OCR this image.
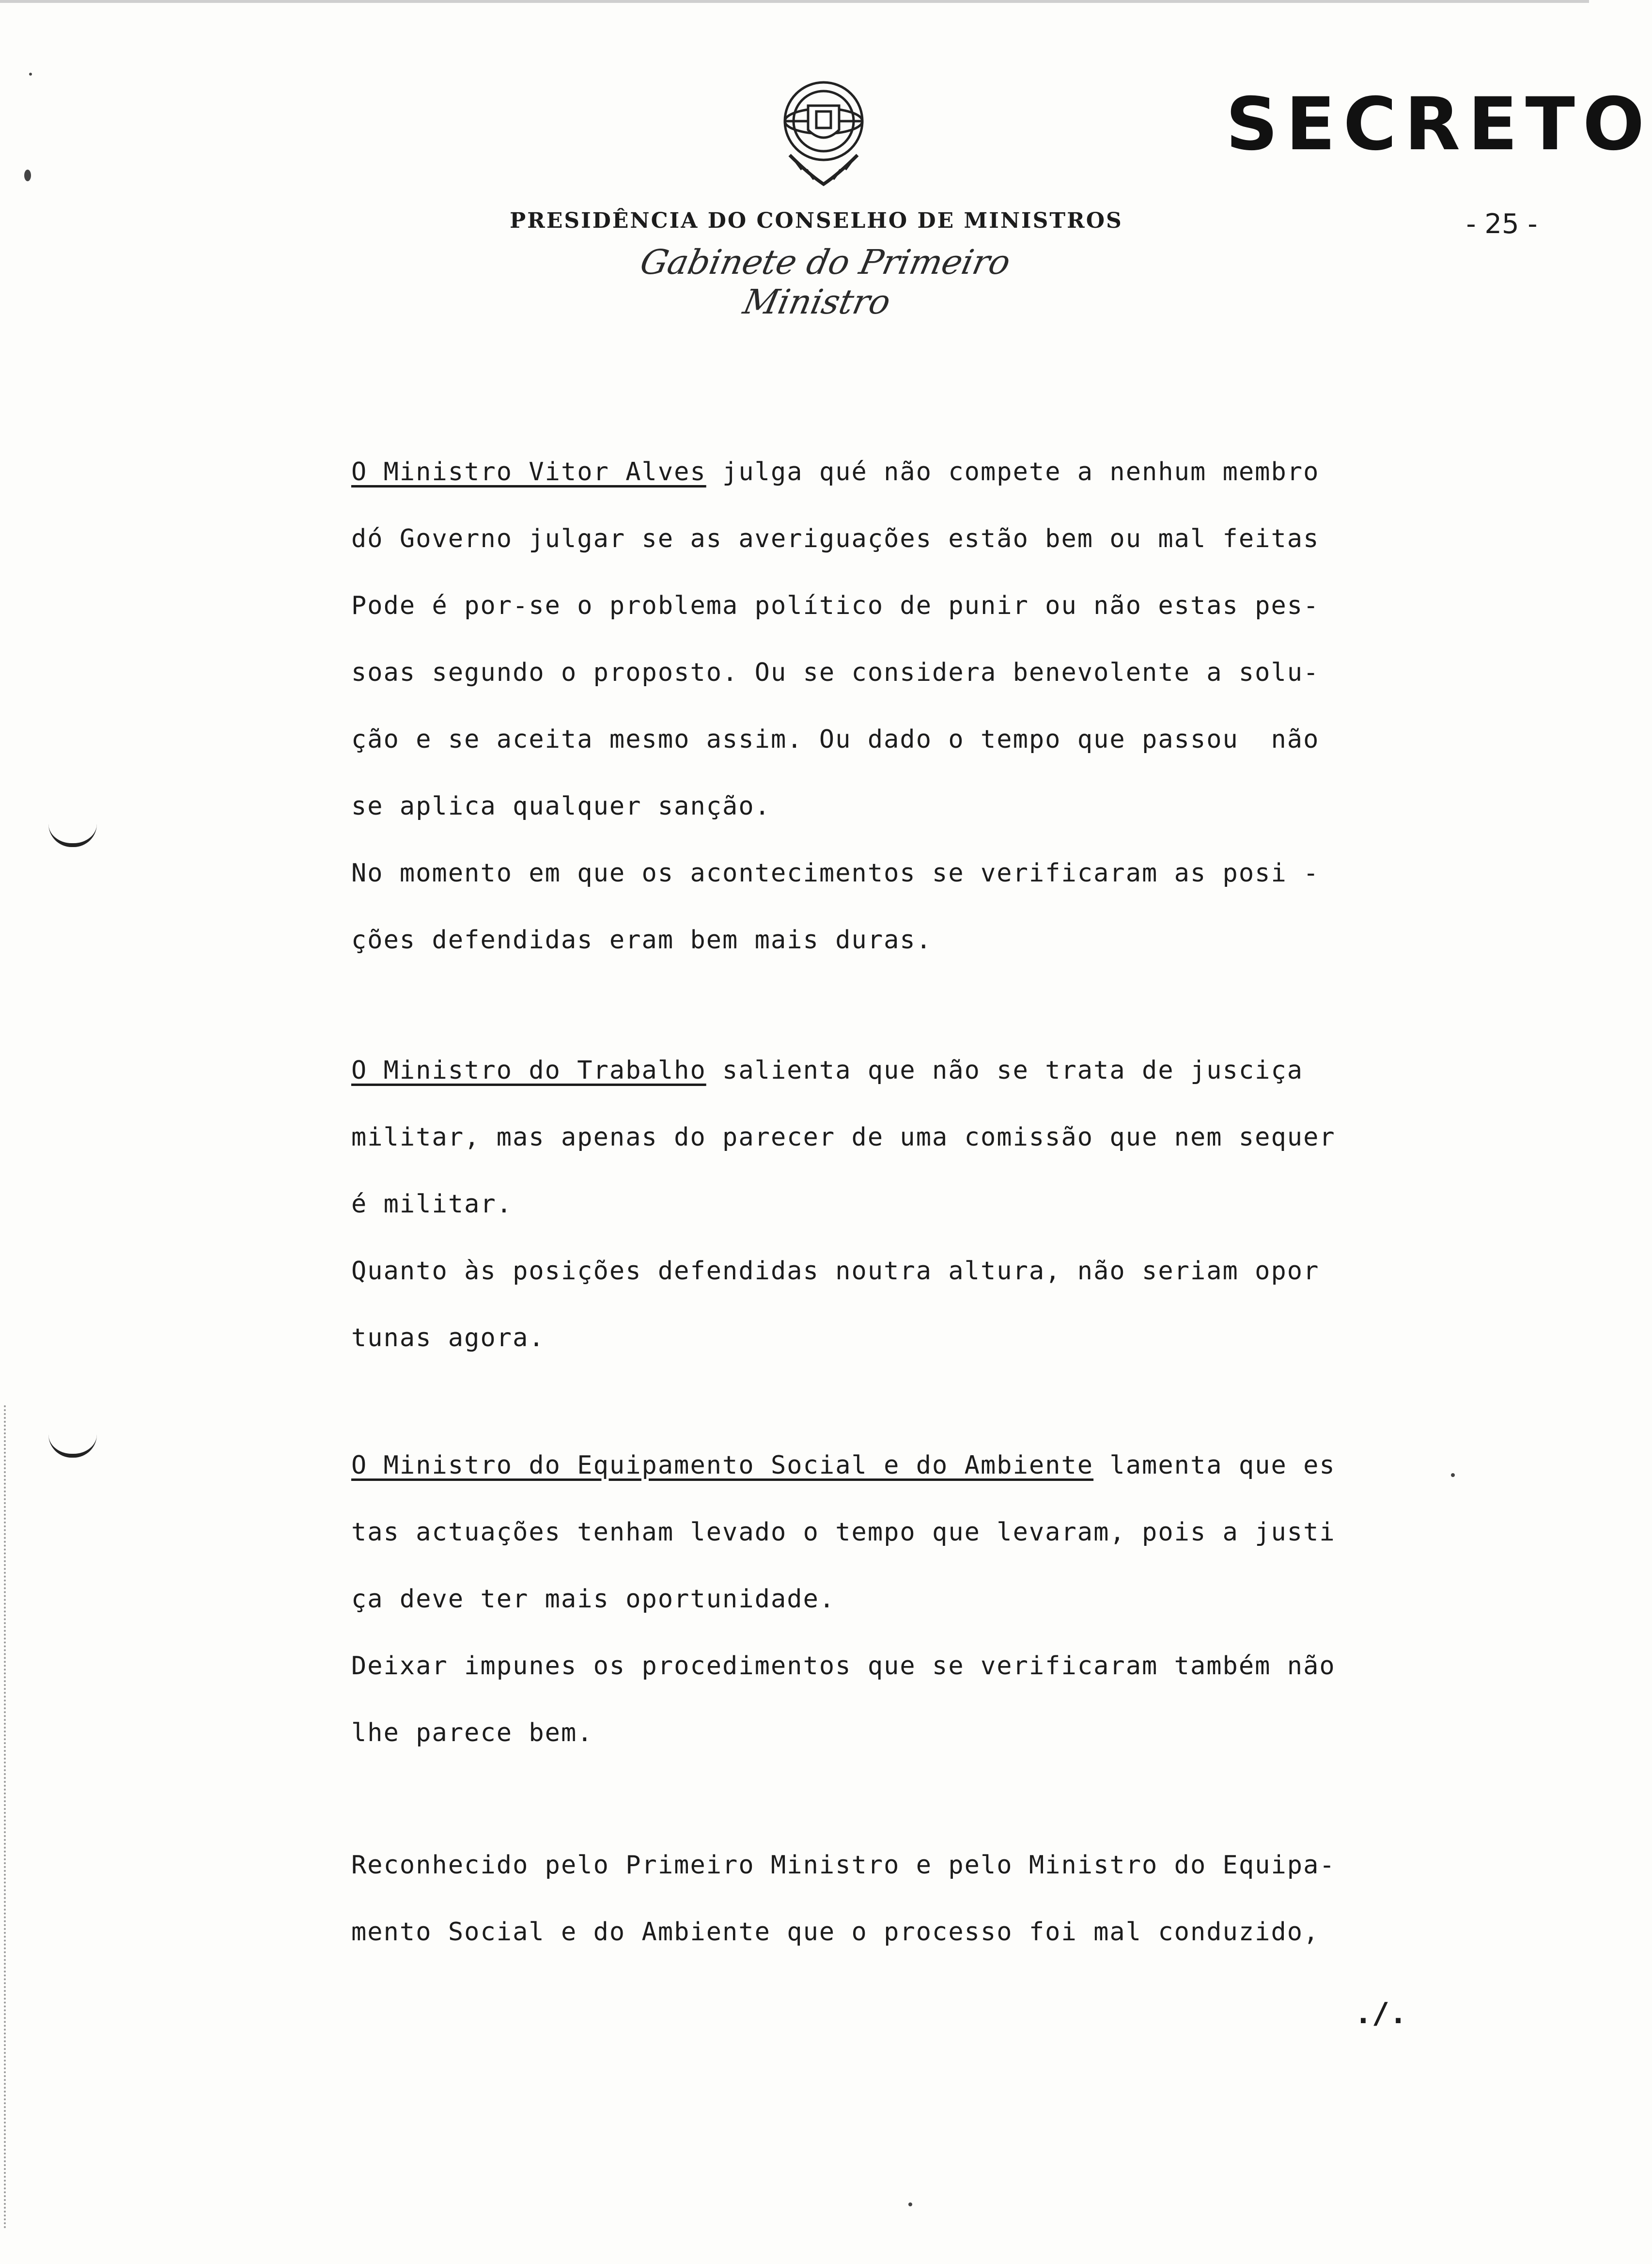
PRESIDÊNCIA DO CONSELHO DE MINISTROS
Gabinete do Primeiro Ministro
SECRETO
- 25 -
O Ministro Vitor Alves julga qué não compete a nenhum membro
dó Governo julgar se as averiguações estão bem ou mal feitas
Pode é por-se o problema político de punir ou não estas pes-
soas segundo o proposto. Ou se considera benevolente a solu-
ção e se aceita mesmo assim. Ou dado o tempo que passou  não
se aplica qualquer sanção.
No momento em que os acontecimentos se verificaram as posi -
ções defendidas eram bem mais duras.
O Ministro do Trabalho salienta que não se trata de jusciça
militar, mas apenas do parecer de uma comissão que nem sequer
é militar.
Quanto às posições defendidas noutra altura, não seriam opor
tunas agora.
O Ministro do Equipamento Social e do Ambiente lamenta que es
tas actuações tenham levado o tempo que levaram, pois a justi
ça deve ter mais oportunidade.
Deixar impunes os procedimentos que se verificaram também não
lhe parece bem.
Reconhecido pelo Primeiro Ministro e pelo Ministro do Equipa-
mento Social e do Ambiente que o processo foi mal conduzido,
./.
